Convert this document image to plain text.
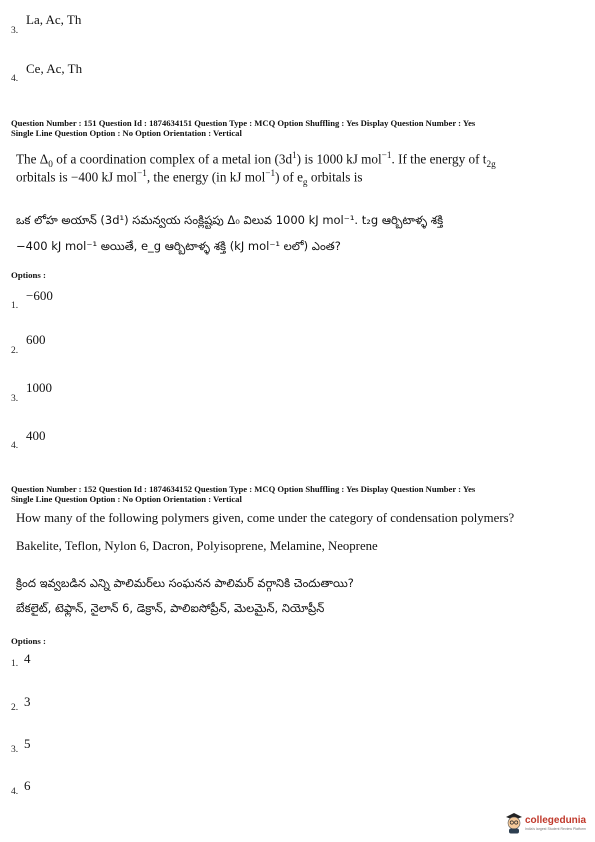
La, Ac, Th
3.
Ce, Ac, Th
4.
Question Number : 151 Question Id : 1874634151 Question Type : MCQ Option Shuffling : Yes Display Question Number : Yes
Single Line Question Option : No Option Orientation : Vertical
The $\Delta_0$ of a coordination complex of a metal ion $(3d^1)$ is 1000 kJ mol$^{-1}$. If the energy of $t_{2g}$
orbitals is −400 kJ mol$^{-1}$, the energy (in kJ mol$^{-1}$) of $e_g$ orbitals is
ఒక లోహ అయాన్ (3d¹) సమన్వయ సంక్లిష్టపు Δ₀ విలువ 1000 kJ mol⁻¹. t₂g ఆర్బిటాళ్ళ శక్తి
−400 kJ mol⁻¹ అయితే, e_g ఆర్బిటాళ్ళ శక్తి (kJ mol⁻¹ లలో) ఎంత?
Options :
−600
1.
600
2.
1000
3.
400
4.
Question Number : 152 Question Id : 1874634152 Question Type : MCQ Option Shuffling : Yes Display Question Number : Yes
Single Line Question Option : No Option Orientation : Vertical
How many of the following polymers given, come under the category of condensation polymers?
Bakelite, Teflon, Nylon 6, Dacron, Polyisoprene, Melamine, Neoprene
క్రింద ఇవ్వబడిన ఎన్ని పాలిమర్‌లు సంఘనన పాలిమర్ వర్గానికి చెందుతాయి?
బేకలైట్, టెఫ్లాన్, నైలాన్ 6, డెక్రాన్, పాలిఐసోప్రీన్, మెలమైన్, నియోప్రీన్
Options :
4
1.
3
2.
5
3.
6
4.
collegedunia
India's largest Student Review Platform
